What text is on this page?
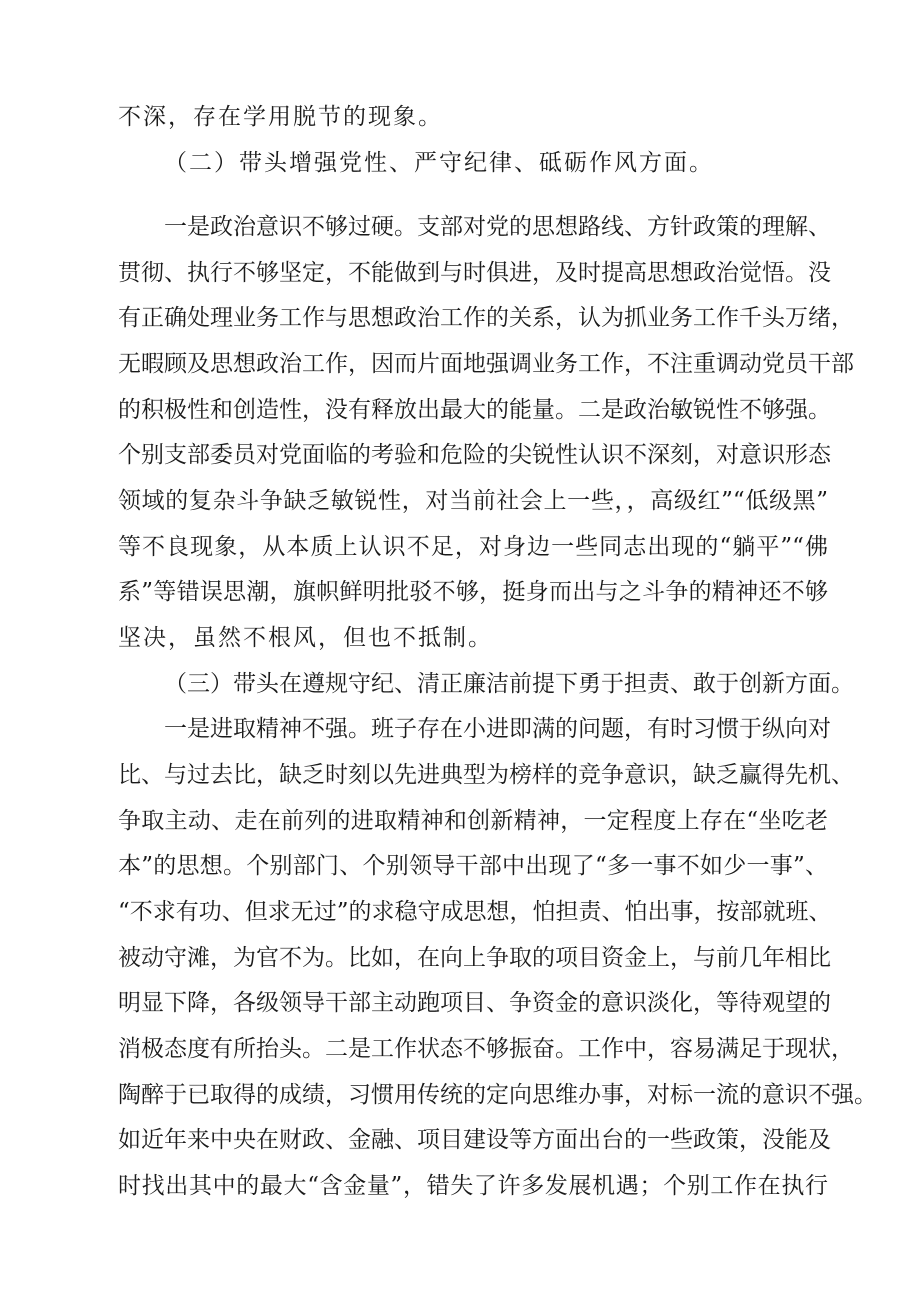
不深，存在学用脱节的现象。
（二）带头增强党性、严守纪律、砥砺作风方面。
一是政治意识不够过硬。支部对党的思想路线、方针政策的理解、
贯彻、执行不够坚定，不能做到与时俱进，及时提高思想政治觉悟。没
有正确处理业务工作与思想政治工作的关系，认为抓业务工作千头万绪，
无暇顾及思想政治工作，因而片面地强调业务工作，不注重调动党员干部
的积极性和创造性，没有释放出最大的能量。二是政治敏锐性不够强。
个别支部委员对党面临的考验和危险的尖锐性认识不深刻，对意识形态
领域的复杂斗争缺乏敏锐性，对当前社会上一些，，高级红”“低级黑”
等不良现象，从本质上认识不足，对身边一些同志出现的“躺平”“佛
系”等错误思潮，旗帜鲜明批驳不够，挺身而出与之斗争的精神还不够
坚决，虽然不根风，但也不抵制。
（三）带头在遵规守纪、清正廉洁前提下勇于担责、敢于创新方面。
一是进取精神不强。班子存在小进即满的问题，有时习惯于纵向对
比、与过去比，缺乏时刻以先进典型为榜样的竞争意识，缺乏赢得先机、
争取主动、走在前列的进取精神和创新精神，一定程度上存在“坐吃老
本”的思想。个别部门、个别领导干部中出现了“多一事不如少一事”、
“不求有功、但求无过”的求稳守成思想，怕担责、怕出事，按部就班、
被动守滩，为官不为。比如，在向上争取的项目资金上，与前几年相比
明显下降，各级领导干部主动跑项目、争资金的意识淡化，等待观望的
消极态度有所抬头。二是工作状态不够振奋。工作中，容易满足于现状，
陶醉于已取得的成绩，习惯用传统的定向思维办事，对标一流的意识不强。
如近年来中央在财政、金融、项目建设等方面出台的一些政策，没能及
时找出其中的最大“含金量”，错失了许多发展机遇；个别工作在执行
